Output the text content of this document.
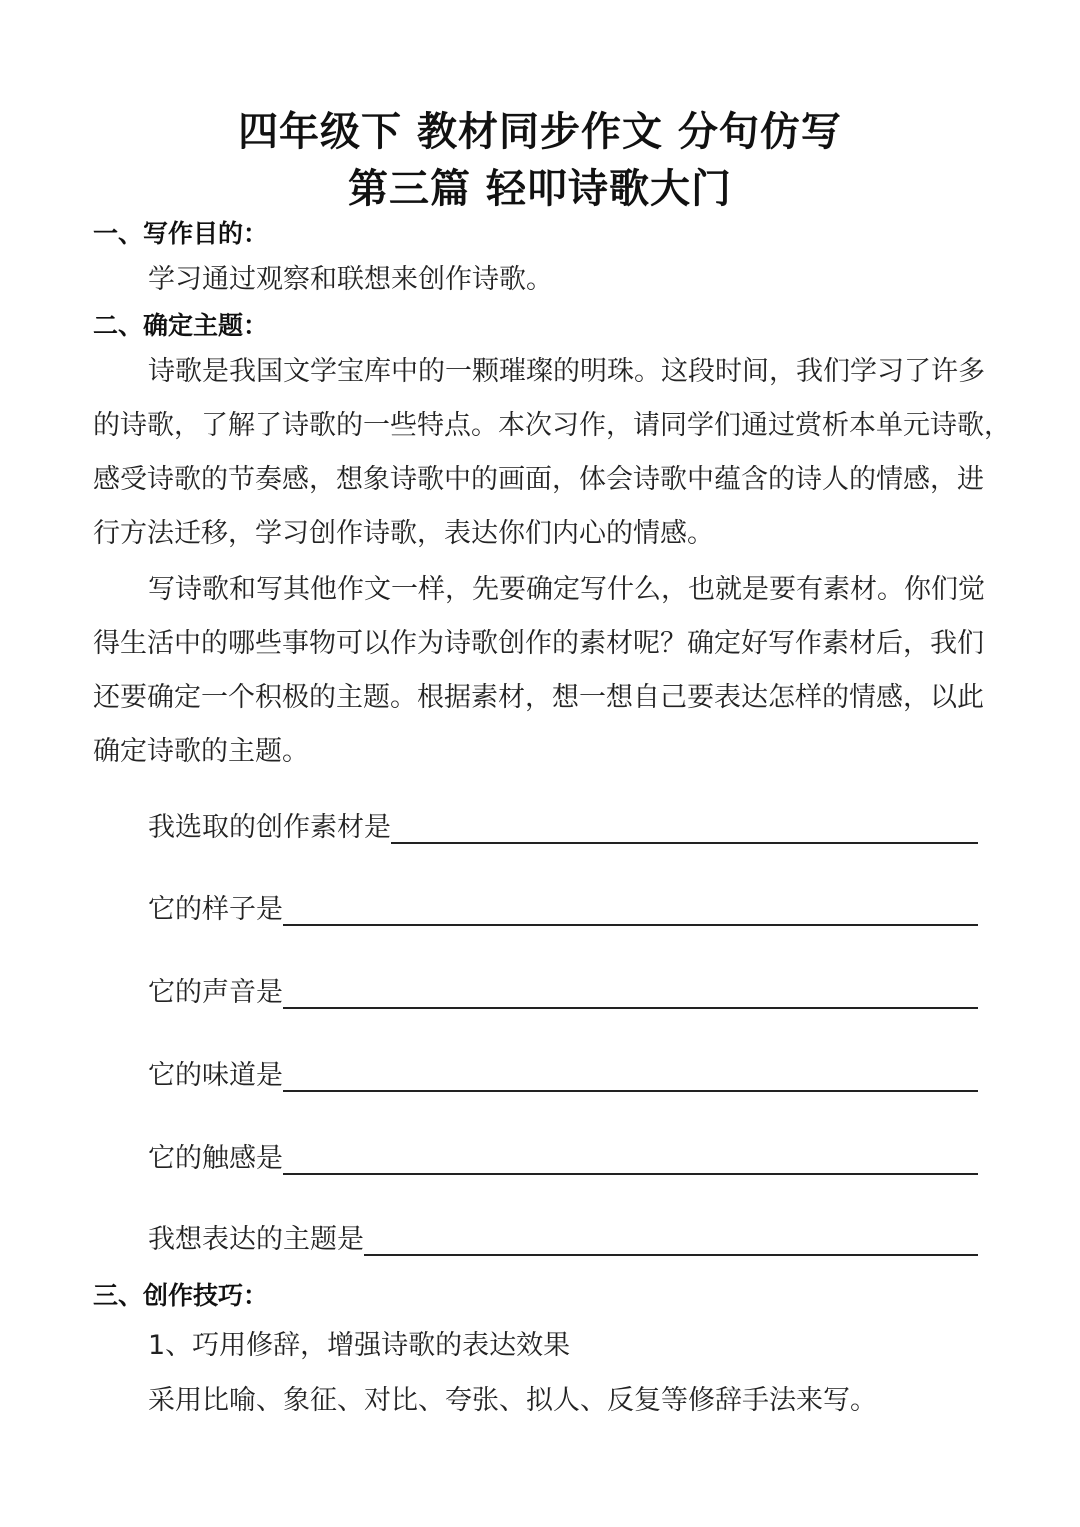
四年级下 教材同步作文 分句仿写
第三篇 轻叩诗歌大门
一、写作目的：
学习通过观察和联想来创作诗歌。
二、确定主题：
诗歌是我国文学宝库中的一颗璀璨的明珠。这段时间，我们学习了许多
的诗歌，了解了诗歌的一些特点。本次习作，请同学们通过赏析本单元诗歌，
感受诗歌的节奏感，想象诗歌中的画面，体会诗歌中蕴含的诗人的情感，进
行方法迁移，学习创作诗歌，表达你们内心的情感。
写诗歌和写其他作文一样，先要确定写什么，也就是要有素材。你们觉
得生活中的哪些事物可以作为诗歌创作的素材呢？确定好写作素材后，我们
还要确定一个积极的主题。根据素材，想一想自己要表达怎样的情感，以此
确定诗歌的主题。
我选取的创作素材是
它的样子是
它的声音是
它的味道是
它的触感是
我想表达的主题是
三、创作技巧：
1、巧用修辞，增强诗歌的表达效果
采用比喻、象征、对比、夸张、拟人、反复等修辞手法来写。
